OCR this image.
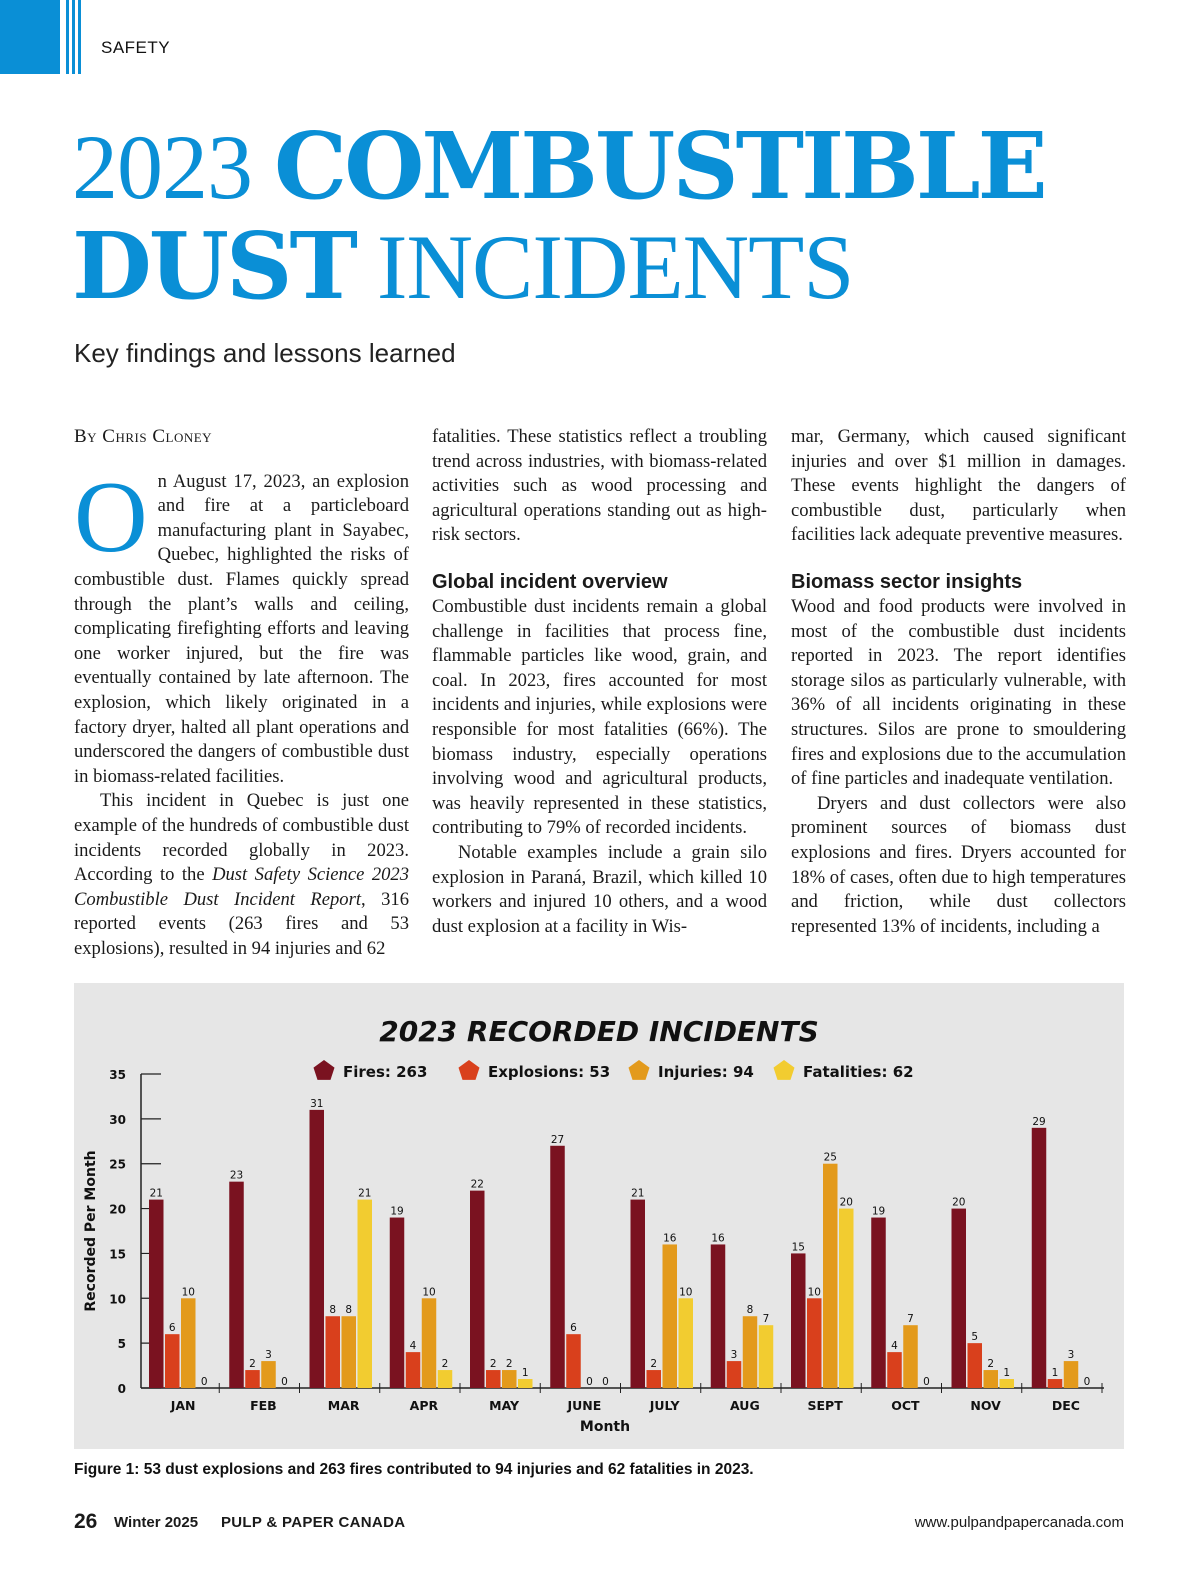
SAFETY
2023 COMBUSTIBLE
DUST INCIDENTS
Key findings and lessons learned

By Chris Cloney

On August 17, 2023, an explosion and fire at a particleboard manufacturing plant in Sayabec, Quebec, highlighted the risks of combustible dust. Flames quickly spread through the plant’s walls and ceiling, complicating firefighting efforts and leaving one worker injured, but the fire was eventually contained by late afternoon. The explosion, which likely originated in a factory dryer, halted all plant operations and underscored the dangers of combustible dust in biomass-related facilities.

This incident in Quebec is just one example of the hundreds of combustible dust incidents recorded globally in 2023. According to the Dust Safety Science 2023 Combustible Dust Incident Report, 316 reported events (263 fires and 53 explosions), resulted in 94 injuries and 62

fatalities. These statistics reflect a troubling trend across industries, with biomass-related activities such as wood processing and agricultural operations standing out as high-risk sectors.

Global incident overview

Combustible dust incidents remain a global challenge in facilities that process fine, flammable particles like wood, grain, and coal. In 2023, fires accounted for most incidents and injuries, while explosions were responsible for most fatalities (66%). The biomass industry, especially operations involving wood and agricultural products, was heavily represented in these statistics, contributing to 79% of recorded incidents.

Notable examples include a grain silo explosion in Paraná, Brazil, which killed 10 workers and injured 10 others, and a wood dust explosion at a facility in Wis-

mar, Germany, which caused significant injuries and over $1 million in damages. These events highlight the dangers of combustible dust, particularly when facilities lack adequate preventive measures.

Biomass sector insights

Wood and food products were involved in most of the combustible dust incidents reported in 2023. The report identifies storage silos as particularly vulnerable, with 36% of all incidents originating in these structures. Silos are prone to smouldering fires and explosions due to the accumulation of fine particles and inadequate ventilation.

Dryers and dust collectors were also prominent sources of biomass dust explosions and fires. Dryers accounted for 18% of cases, often due to high temperatures and friction, while dust collectors represented 13% of incidents, including a

2023 RECORDED INCIDENTS
Fires: 263	Explosions: 53	Injuries: 94	Fatalities: 62
0
5
10
15
20
25
30
35
Recorded Per Month	21
6
10
0
JAN
23
2
3
0
FEB
31
8 8
21
MAR
19
4
10
2
APR
22
2 2
1
MAY
27
6
0 0
JUNE
21
2
16
10
JULY
16
3
8
7
AUG
15
10
25
20
SEPT
19
4
7
0
OCT
20
5
2
1
NOV
29
1
3
0
DEC
Month
Figure 1: 53 dust explosions and 263 fires contributed to 94 injuries and 62 fatalities in 2023.
26 Winter 2025 PULP & PAPER CANADA	www.pulpandpapercanada.com
